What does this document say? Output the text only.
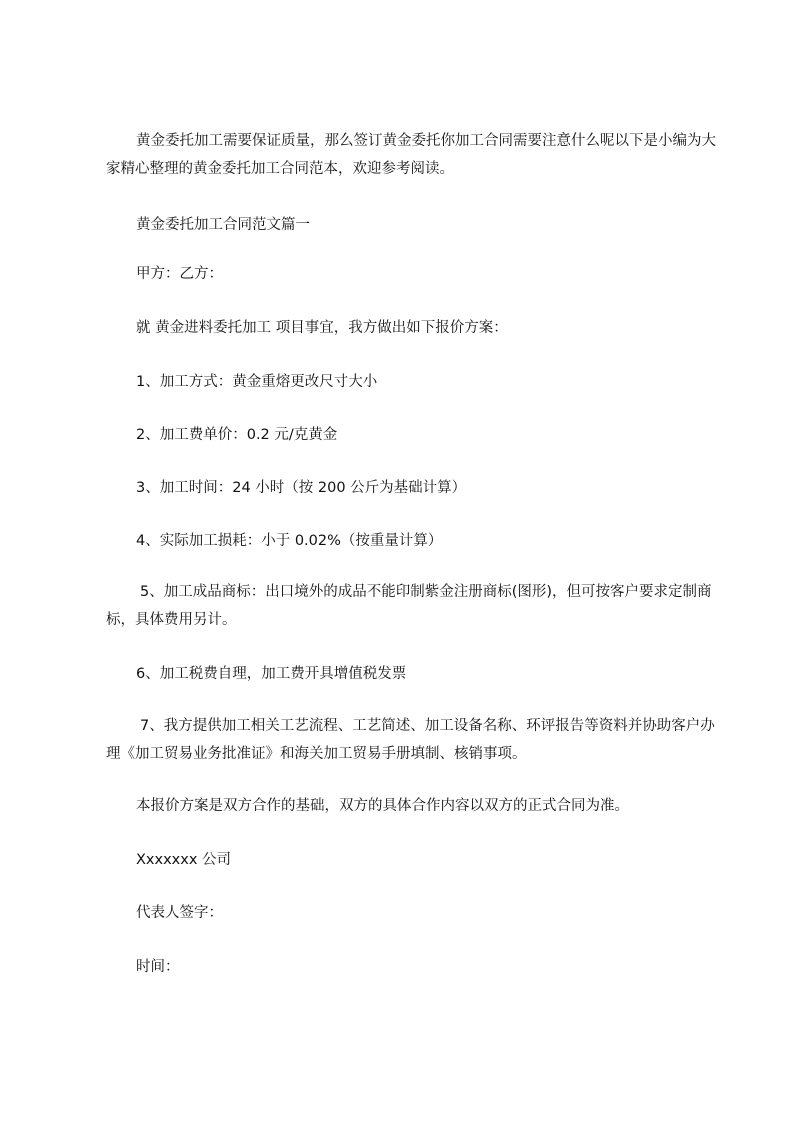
黄金委托加工需要保证质量，那么签订黄金委托你加工合同需要注意什么呢以下是小编为大家精心整理的黄金委托加工合同范本，欢迎参考阅读。

黄金委托加工合同范文篇一

甲方：乙方：

就 黄金进料委托加工 项目事宜，我方做出如下报价方案：

1、加工方式：黄金重熔更改尺寸大小

2、加工费单价：0.2 元/克黄金

3、加工时间：24 小时（按 200 公斤为基础计算）

4、实际加工损耗：小于 0.02%（按重量计算）

5、加工成品商标：出口境外的成品不能印制紫金注册商标(图形)，但可按客户要求定制商标，具体费用另计。

6、加工税费自理，加工费开具增值税发票

7、我方提供加工相关工艺流程、工艺简述、加工设备名称、环评报告等资料并协助客户办理《加工贸易业务批准证》和海关加工贸易手册填制、核销事项。

本报价方案是双方合作的基础，双方的具体合作内容以双方的正式合同为准。

Xxxxxxx 公司

代表人签字：

时间：
